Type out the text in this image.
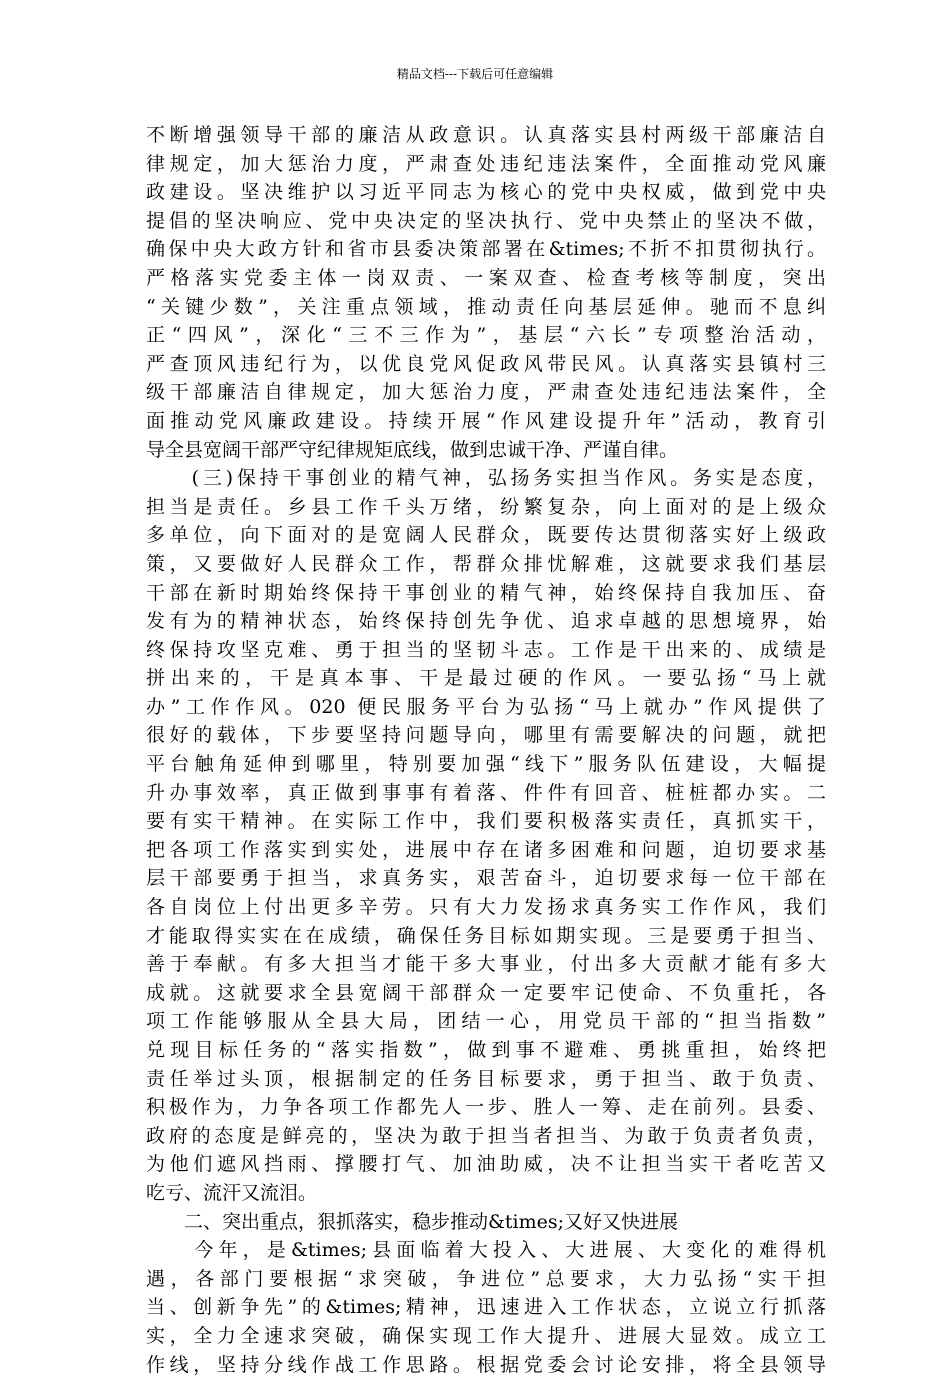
精品文档---下载后可任意编辑
不断增强领导干部的廉洁从政意识。认真落实县村两级干部廉洁自
律规定，加大惩治力度，严肃查处违纪违法案件，全面推动党风廉
政建设。坚决维护以习近平同志为核心的党中央权威，做到党中央
提倡的坚决响应、党中央决定的坚决执行、党中央禁止的坚决不做，
确保中央大政方针和省市县委决策部署在&times;不折不扣贯彻执行。
严格落实党委主体一岗双责、一案双查、检查考核等制度，突出
“关键少数”，关注重点领域，推动责任向基层延伸。驰而不息纠
正“四风”，深化“三不三作为”，基层“六长”专项整治活动，
严查顶风违纪行为，以优良党风促政风带民风。认真落实县镇村三
级干部廉洁自律规定，加大惩治力度，严肃查处违纪违法案件，全
面推动党风廉政建设。持续开展“作风建设提升年”活动，教育引
导全县宽阔干部严守纪律规矩底线，做到忠诚干净、严谨自律。
　　(三)保持干事创业的精气神，弘扬务实担当作风。务实是态度，
担当是责任。乡县工作千头万绪，纷繁复杂，向上面对的是上级众
多单位，向下面对的是宽阔人民群众，既要传达贯彻落实好上级政
策，又要做好人民群众工作，帮群众排忧解难，这就要求我们基层
干部在新时期始终保持干事创业的精气神，始终保持自我加压、奋
发有为的精神状态，始终保持创先争优、追求卓越的思想境界，始
终保持攻坚克难、勇于担当的坚韧斗志。工作是干出来的、成绩是
拼出来的，干是真本事、干是最过硬的作风。一要弘扬“马上就
办”工作作风。020 便民服务平台为弘扬“马上就办”作风提供了
很好的载体，下步要坚持问题导向，哪里有需要解决的问题，就把
平台触角延伸到哪里，特别要加强“线下”服务队伍建设，大幅提
升办事效率，真正做到事事有着落、件件有回音、桩桩都办实。二
要有实干精神。在实际工作中，我们要积极落实责任，真抓实干，
把各项工作落实到实处，进展中存在诸多困难和问题，迫切要求基
层干部要勇于担当，求真务实，艰苦奋斗，迫切要求每一位干部在
各自岗位上付出更多辛劳。只有大力发扬求真务实工作作风，我们
才能取得实实在在成绩，确保任务目标如期实现。三是要勇于担当、
善于奉献。有多大担当才能干多大事业，付出多大贡献才能有多大
成就。这就要求全县宽阔干部群众一定要牢记使命、不负重托，各
项工作能够服从全县大局，团结一心，用党员干部的“担当指数”
兑现目标任务的“落实指数”，做到事不避难、勇挑重担，始终把
责任举过头顶，根据制定的任务目标要求，勇于担当、敢于负责、
积极作为，力争各项工作都先人一步、胜人一筹、走在前列。县委、
政府的态度是鲜亮的，坚决为敢于担当者担当、为敢于负责者负责，
为他们遮风挡雨、撑腰打气、加油助威，决不让担当实干者吃苦又
吃亏、流汗又流泪。
　　二、突出重点，狠抓落实，稳步推动&times;又好又快进展
　　今年，是&times;县面临着大投入、大进展、大变化的难得机
遇，各部门要根据“求突破，争进位”总要求，大力弘扬“实干担
当、创新争先”的&times;精神，迅速进入工作状态，立说立行抓落
实，全力全速求突破，确保实现工作大提升、进展大显效。成立工
作线，坚持分线作战工作思路。根据党委会讨论安排，将全县领导
